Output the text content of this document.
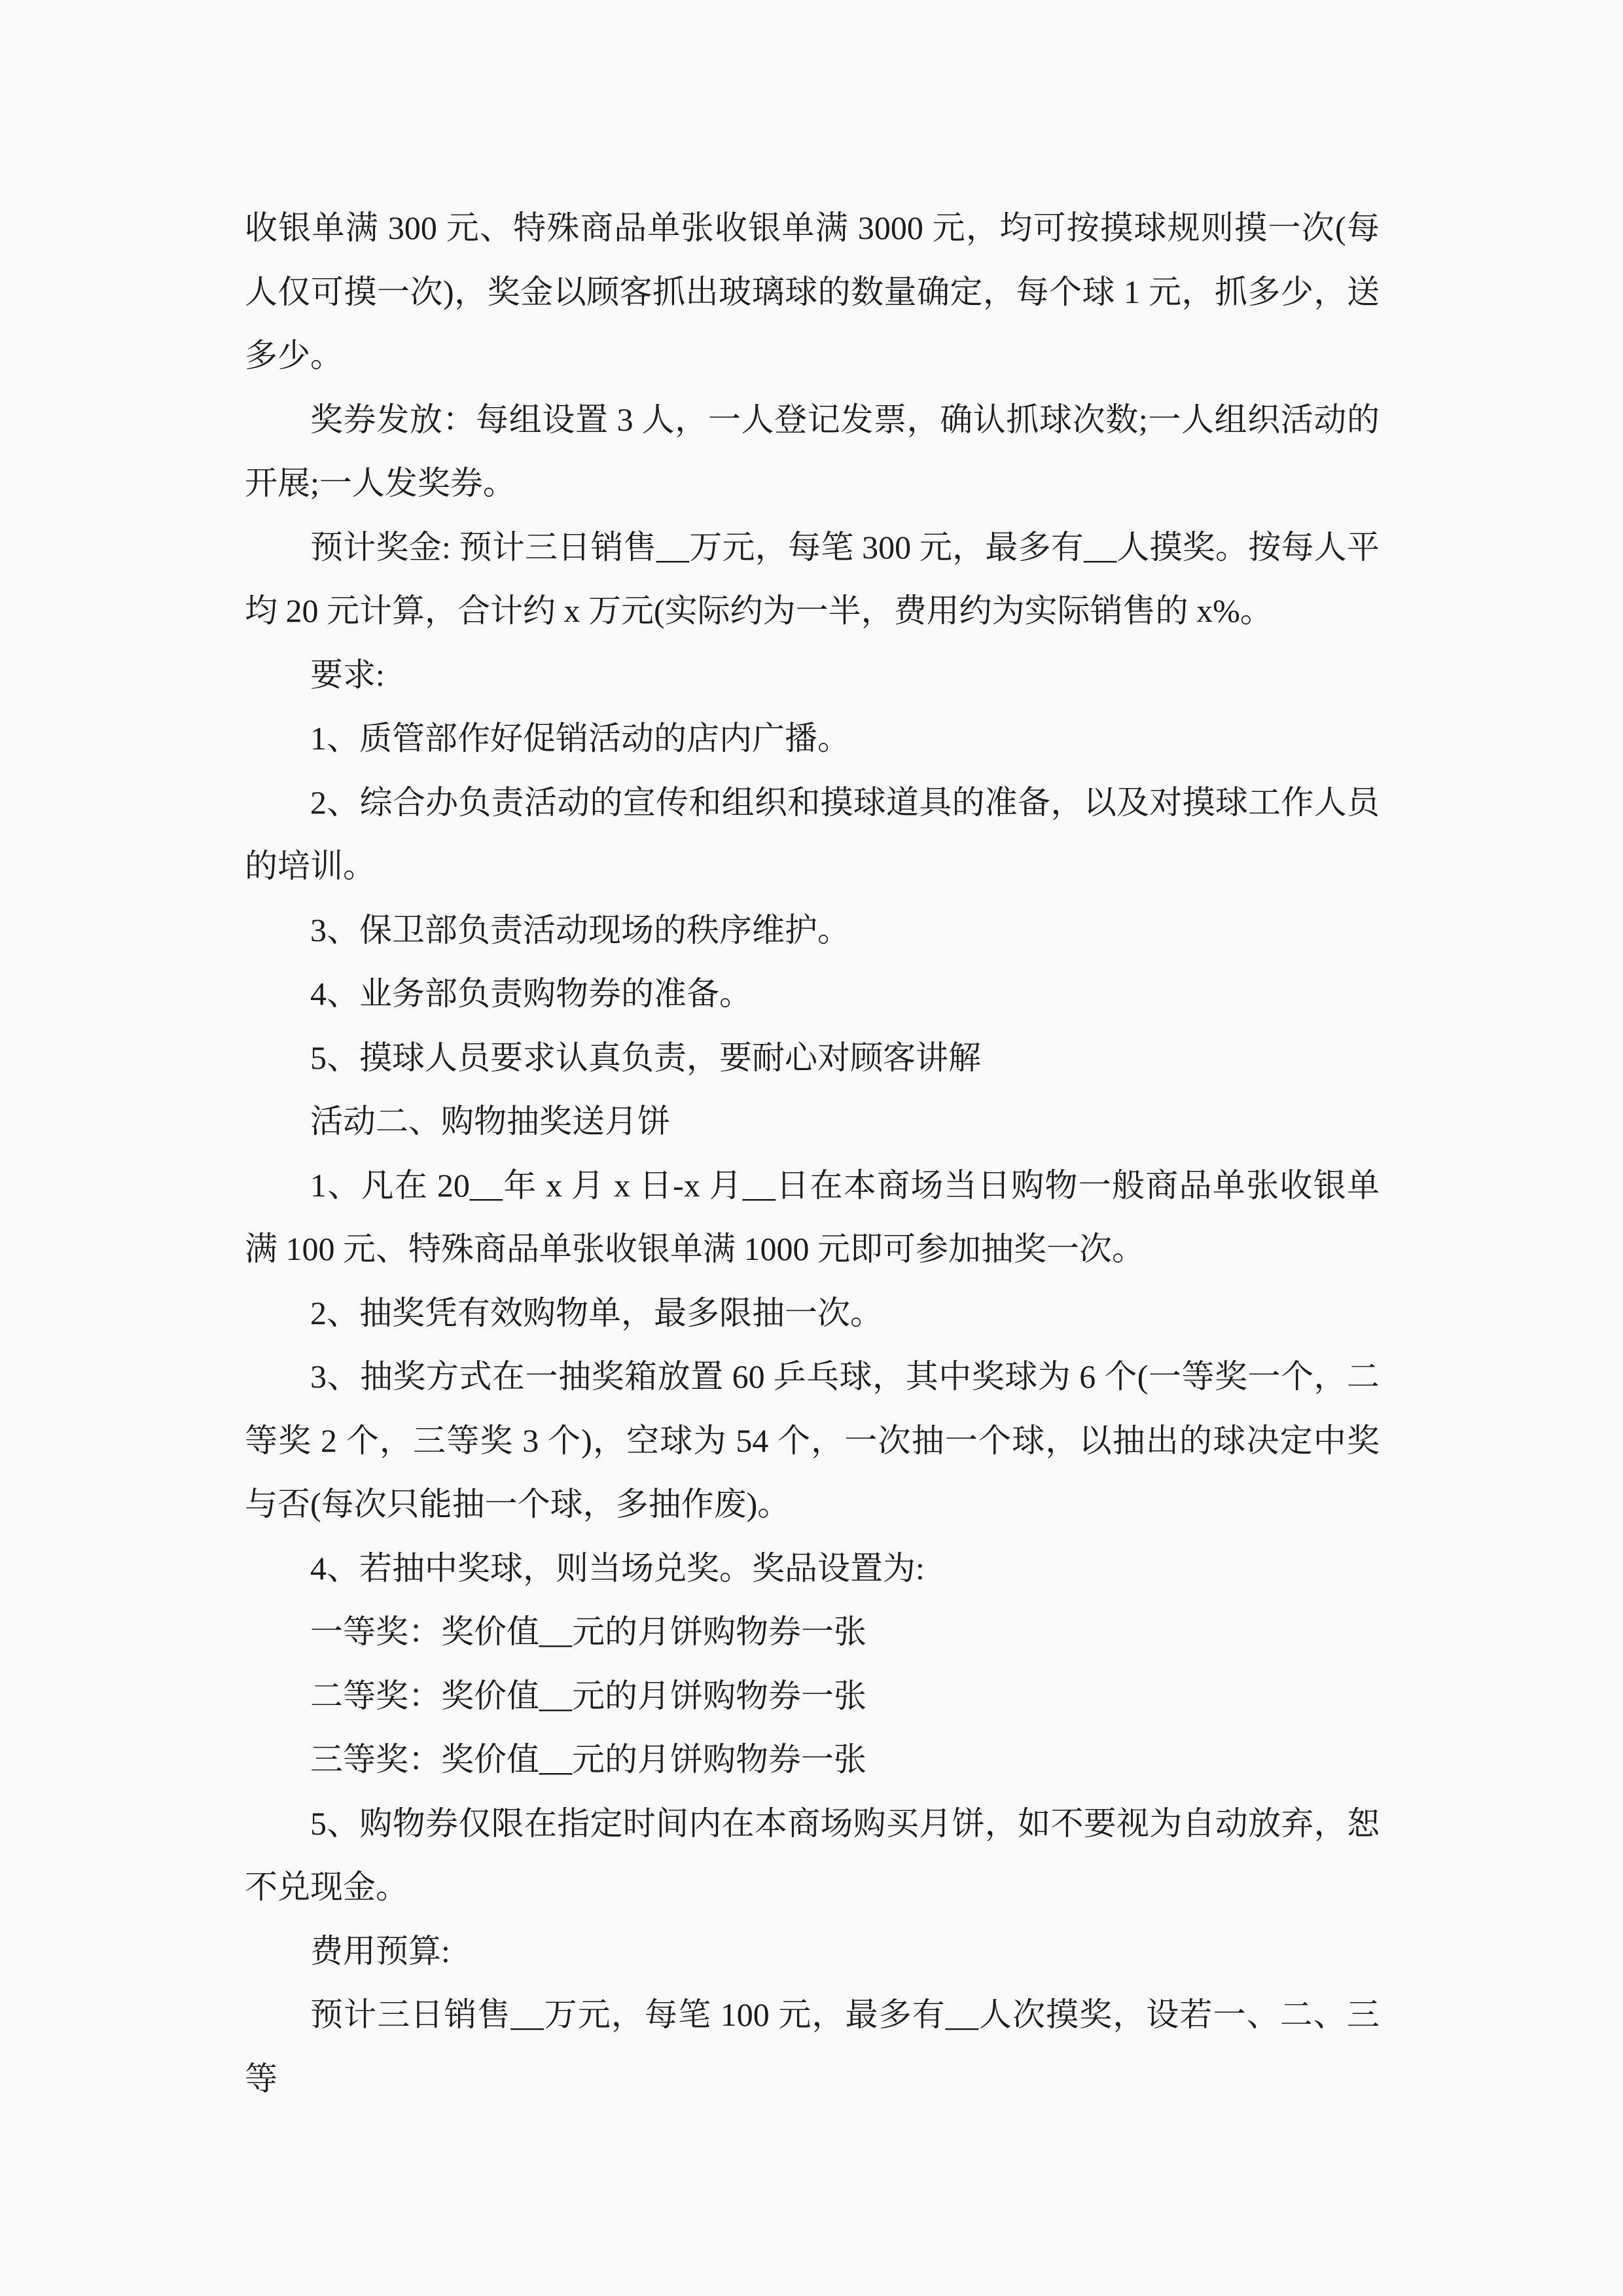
收银单满 300 元、特殊商品单张收银单满 3000 元，均可按摸球规则摸一次(每人仅可摸一次)，奖金以顾客抓出玻璃球的数量确定，每个球 1 元，抓多少，送多少。

奖券发放：每组设置 3 人，一人登记发票，确认抓球次数;一人组织活动的开展;一人发奖券。

预计奖金: 预计三日销售__万元，每笔 300 元，最多有__人摸奖。按每人平均 20 元计算，合计约 x 万元(实际约为一半，费用约为实际销售的 x%。

要求:

1、质管部作好促销活动的店内广播。

2、综合办负责活动的宣传和组织和摸球道具的准备，以及对摸球工作人员的培训。

3、保卫部负责活动现场的秩序维护。

4、业务部负责购物券的准备。

5、摸球人员要求认真负责，要耐心对顾客讲解

活动二、购物抽奖送月饼

1、凡在 20__年 x 月 x 日-x 月__日在本商场当日购物一般商品单张收银单满 100 元、特殊商品单张收银单满 1000 元即可参加抽奖一次。

2、抽奖凭有效购物单，最多限抽一次。

3、抽奖方式在一抽奖箱放置 60 乒乓球，其中奖球为 6 个(一等奖一个，二等奖 2 个，三等奖 3 个)，空球为 54 个，一次抽一个球，以抽出的球决定中奖与否(每次只能抽一个球，多抽作废)。

4、若抽中奖球，则当场兑奖。奖品设置为:

一等奖：奖价值__元的月饼购物券一张

二等奖：奖价值__元的月饼购物券一张

三等奖：奖价值__元的月饼购物券一张

5、购物券仅限在指定时间内在本商场购买月饼，如不要视为自动放弃，恕不兑现金。

费用预算:

预计三日销售__万元，每笔 100 元，最多有__人次摸奖，设若一、二、三等
